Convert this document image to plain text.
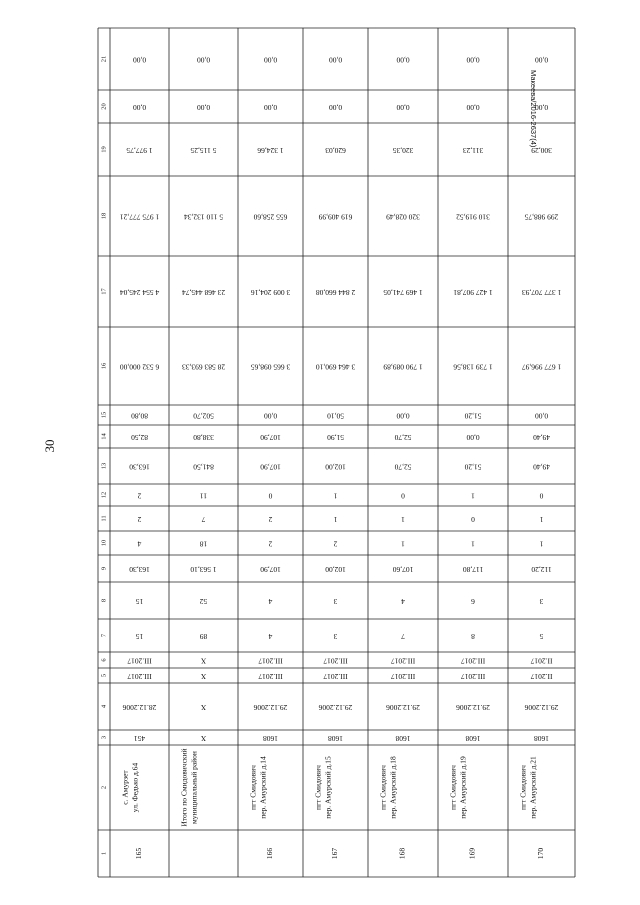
30
Макеева/2016-2637(4)
21
20
19
18
17
16
15
14
13
12
11
10
9
8
7
6
5
4
3
2
1
0,00
0,00
1 977,75
1 975 777,21
4 554 245,04
6 532 000,00
80,80
82,50
163,30
2
2
4
163,30
15
15
III.2017
III.2017
28.12.2006
451
с. Амурзет ул. Федько д.64
165
0,00
0,00
5 115,25
5 110 132,34
23 468 445,74
28 583 693,33
502,70
338,80
841,50
11
7
18
1 563,10
52
89
X
X
X
X
Итого по Смидовичский муниципальный район
0,00
0,00
1 324,66
655 258,60
3 009 204,16
3 665 098,65
0,00
107,90
107,90
0
2
2
107,90
4
4
III.2017
III.2017
29.12.2006
1608
пгт Смидович пер. Амурский д.14
166
0,00
0,00
620,03
619 409,99
2 844 660,08
3 464 690,10
50,10
51,90
102,00
1
1
2
102,00
3
3
III.2017
III.2017
29.12.2006
1608
пгт Смидович пер. Амурский д.15
167
0,00
0,00
320,35
320 028,49
1 469 741,05
1 790 089,89
0,00
52,70
52,70
0
1
1
107,60
4
7
III.2017
III.2017
29.12.2006
1608
пгт Смидович пер. Амурский д.18
168
0,00
0,00
311,23
310 919,52
1 427 907,81
1 739 138,56
51,20
0,00
51,20
1
0
1
117,80
6
8
III.2017
III.2017
29.12.2006
1608
пгт Смидович пер. Амурский д.19
169
0,00
0,00
300,29
299 988,75
1 377 707,93
1 677 996,97
0,00
49,40
49,40
0
1
1
112,20
3
5
II.2017
II.2017
29.12.2006
1608
пгт Смидович пер. Амурский д.21
170
